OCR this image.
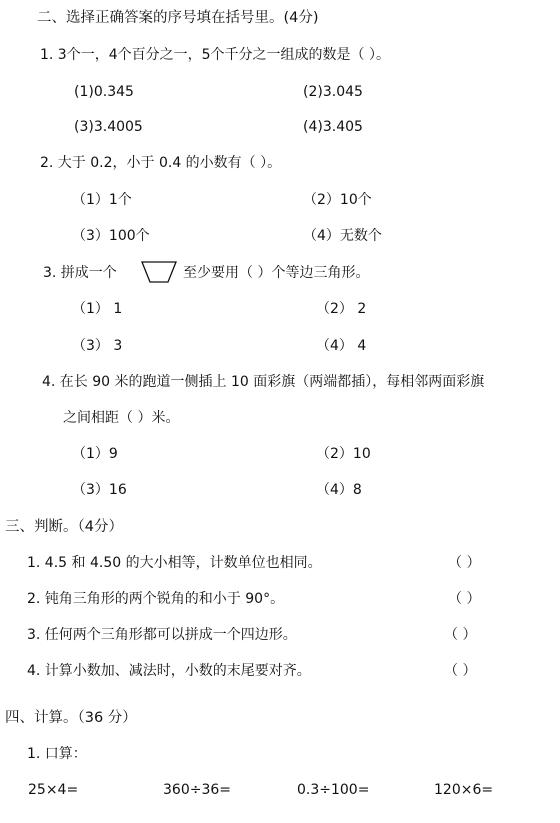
二、选择正确答案的序号填在括号里。(4分)
1. 3个一，4个百分之一，5个千分之一组成的数是（ ）。
(1)0.345	(2)3.045
(3)3.4005	(4)3.405
2. 大于 0.2，小于 0.4 的小数有（ ）。
（1）1个	（2）10个
（3）100个	（4）无数个
3. 拼成一个	至少要用（ ）个等边三角形。
（1） 1	（2） 2
（3） 3	（4） 4
4. 在长 90 米的跑道一侧插上 10 面彩旗（两端都插），每相邻两面彩旗
之间相距（ ）米。
（1）9	（2）10
（3）16	（4）8
三、判断。（4分）
1. 4.5 和 4.50 的大小相等，计数单位也相同。	（ ）
2. 钝角三角形的两个锐角的和小于 90°。	（ ）
3. 任何两个三角形都可以拼成一个四边形。	（ ）
4. 计算小数加、减法时，小数的末尾要对齐。	（ ）
四、计算。（36 分）
1. 口算：
25×4=	360÷36=	0.3÷100=	120×6=
